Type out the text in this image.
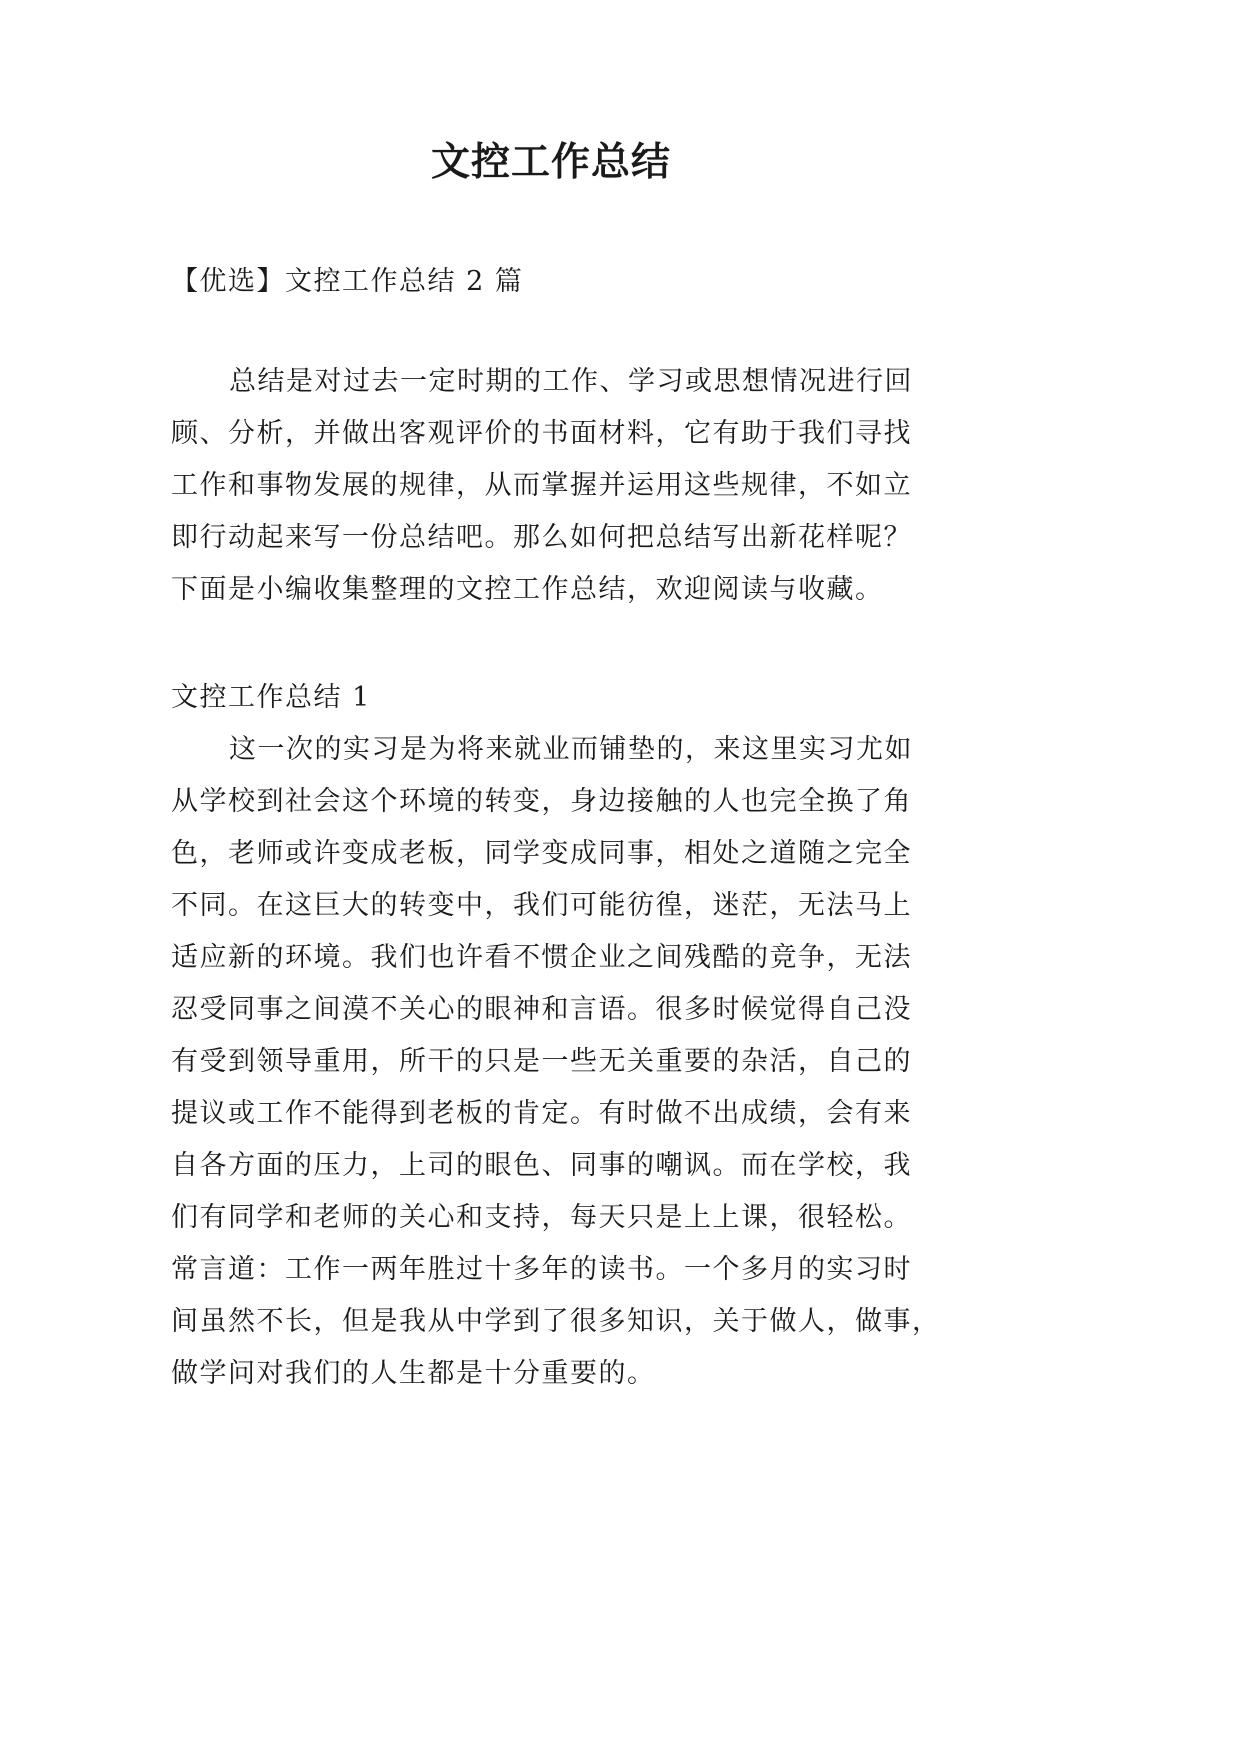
文控工作总结
【优选】文控工作总结 2 篇
总结是对过去一定时期的工作、学习或思想情况进行回
顾、分析，并做出客观评价的书面材料，它有助于我们寻找
工作和事物发展的规律，从而掌握并运用这些规律，不如立
即行动起来写一份总结吧。那么如何把总结写出新花样呢？
下面是小编收集整理的文控工作总结，欢迎阅读与收藏。
文控工作总结 1
这一次的实习是为将来就业而铺垫的，来这里实习尤如
从学校到社会这个环境的转变，身边接触的人也完全换了角
色，老师或许变成老板，同学变成同事，相处之道随之完全
不同。在这巨大的转变中，我们可能彷徨，迷茫，无法马上
适应新的环境。我们也许看不惯企业之间残酷的竞争，无法
忍受同事之间漠不关心的眼神和言语。很多时候觉得自己没
有受到领导重用，所干的只是一些无关重要的杂活，自己的
提议或工作不能得到老板的肯定。有时做不出成绩，会有来
自各方面的压力，上司的眼色、同事的嘲讽。而在学校，我
们有同学和老师的关心和支持，每天只是上上课，很轻松。
常言道：工作一两年胜过十多年的读书。一个多月的实习时
间虽然不长，但是我从中学到了很多知识，关于做人，做事，
做学问对我们的人生都是十分重要的。
